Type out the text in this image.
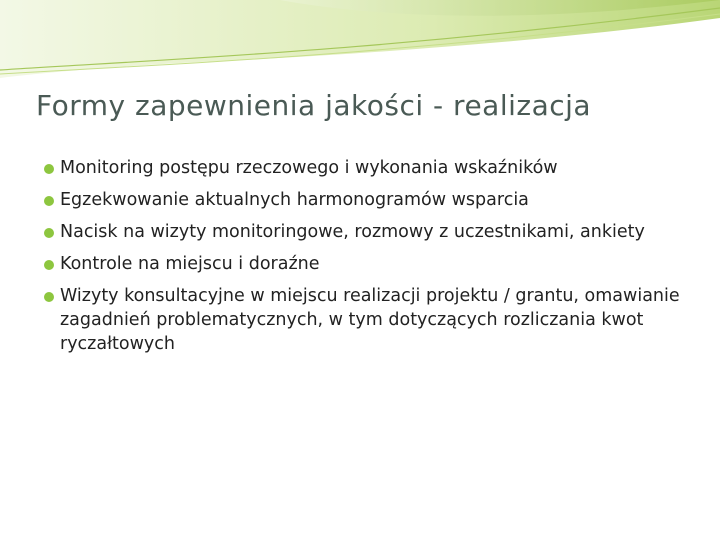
Formy zapewnienia jakości - realizacja
Monitoring postępu rzeczowego i wykonania wskaźników
Egzekwowanie aktualnych harmonogramów wsparcia
Nacisk na wizyty monitoringowe, rozmowy z uczestnikami, ankiety
Kontrole na miejscu i doraźne
Wizyty konsultacyjne w miejscu realizacji projektu / grantu, omawianie zagadnień problematycznych, w tym dotyczących rozliczania kwot ryczałtowych
